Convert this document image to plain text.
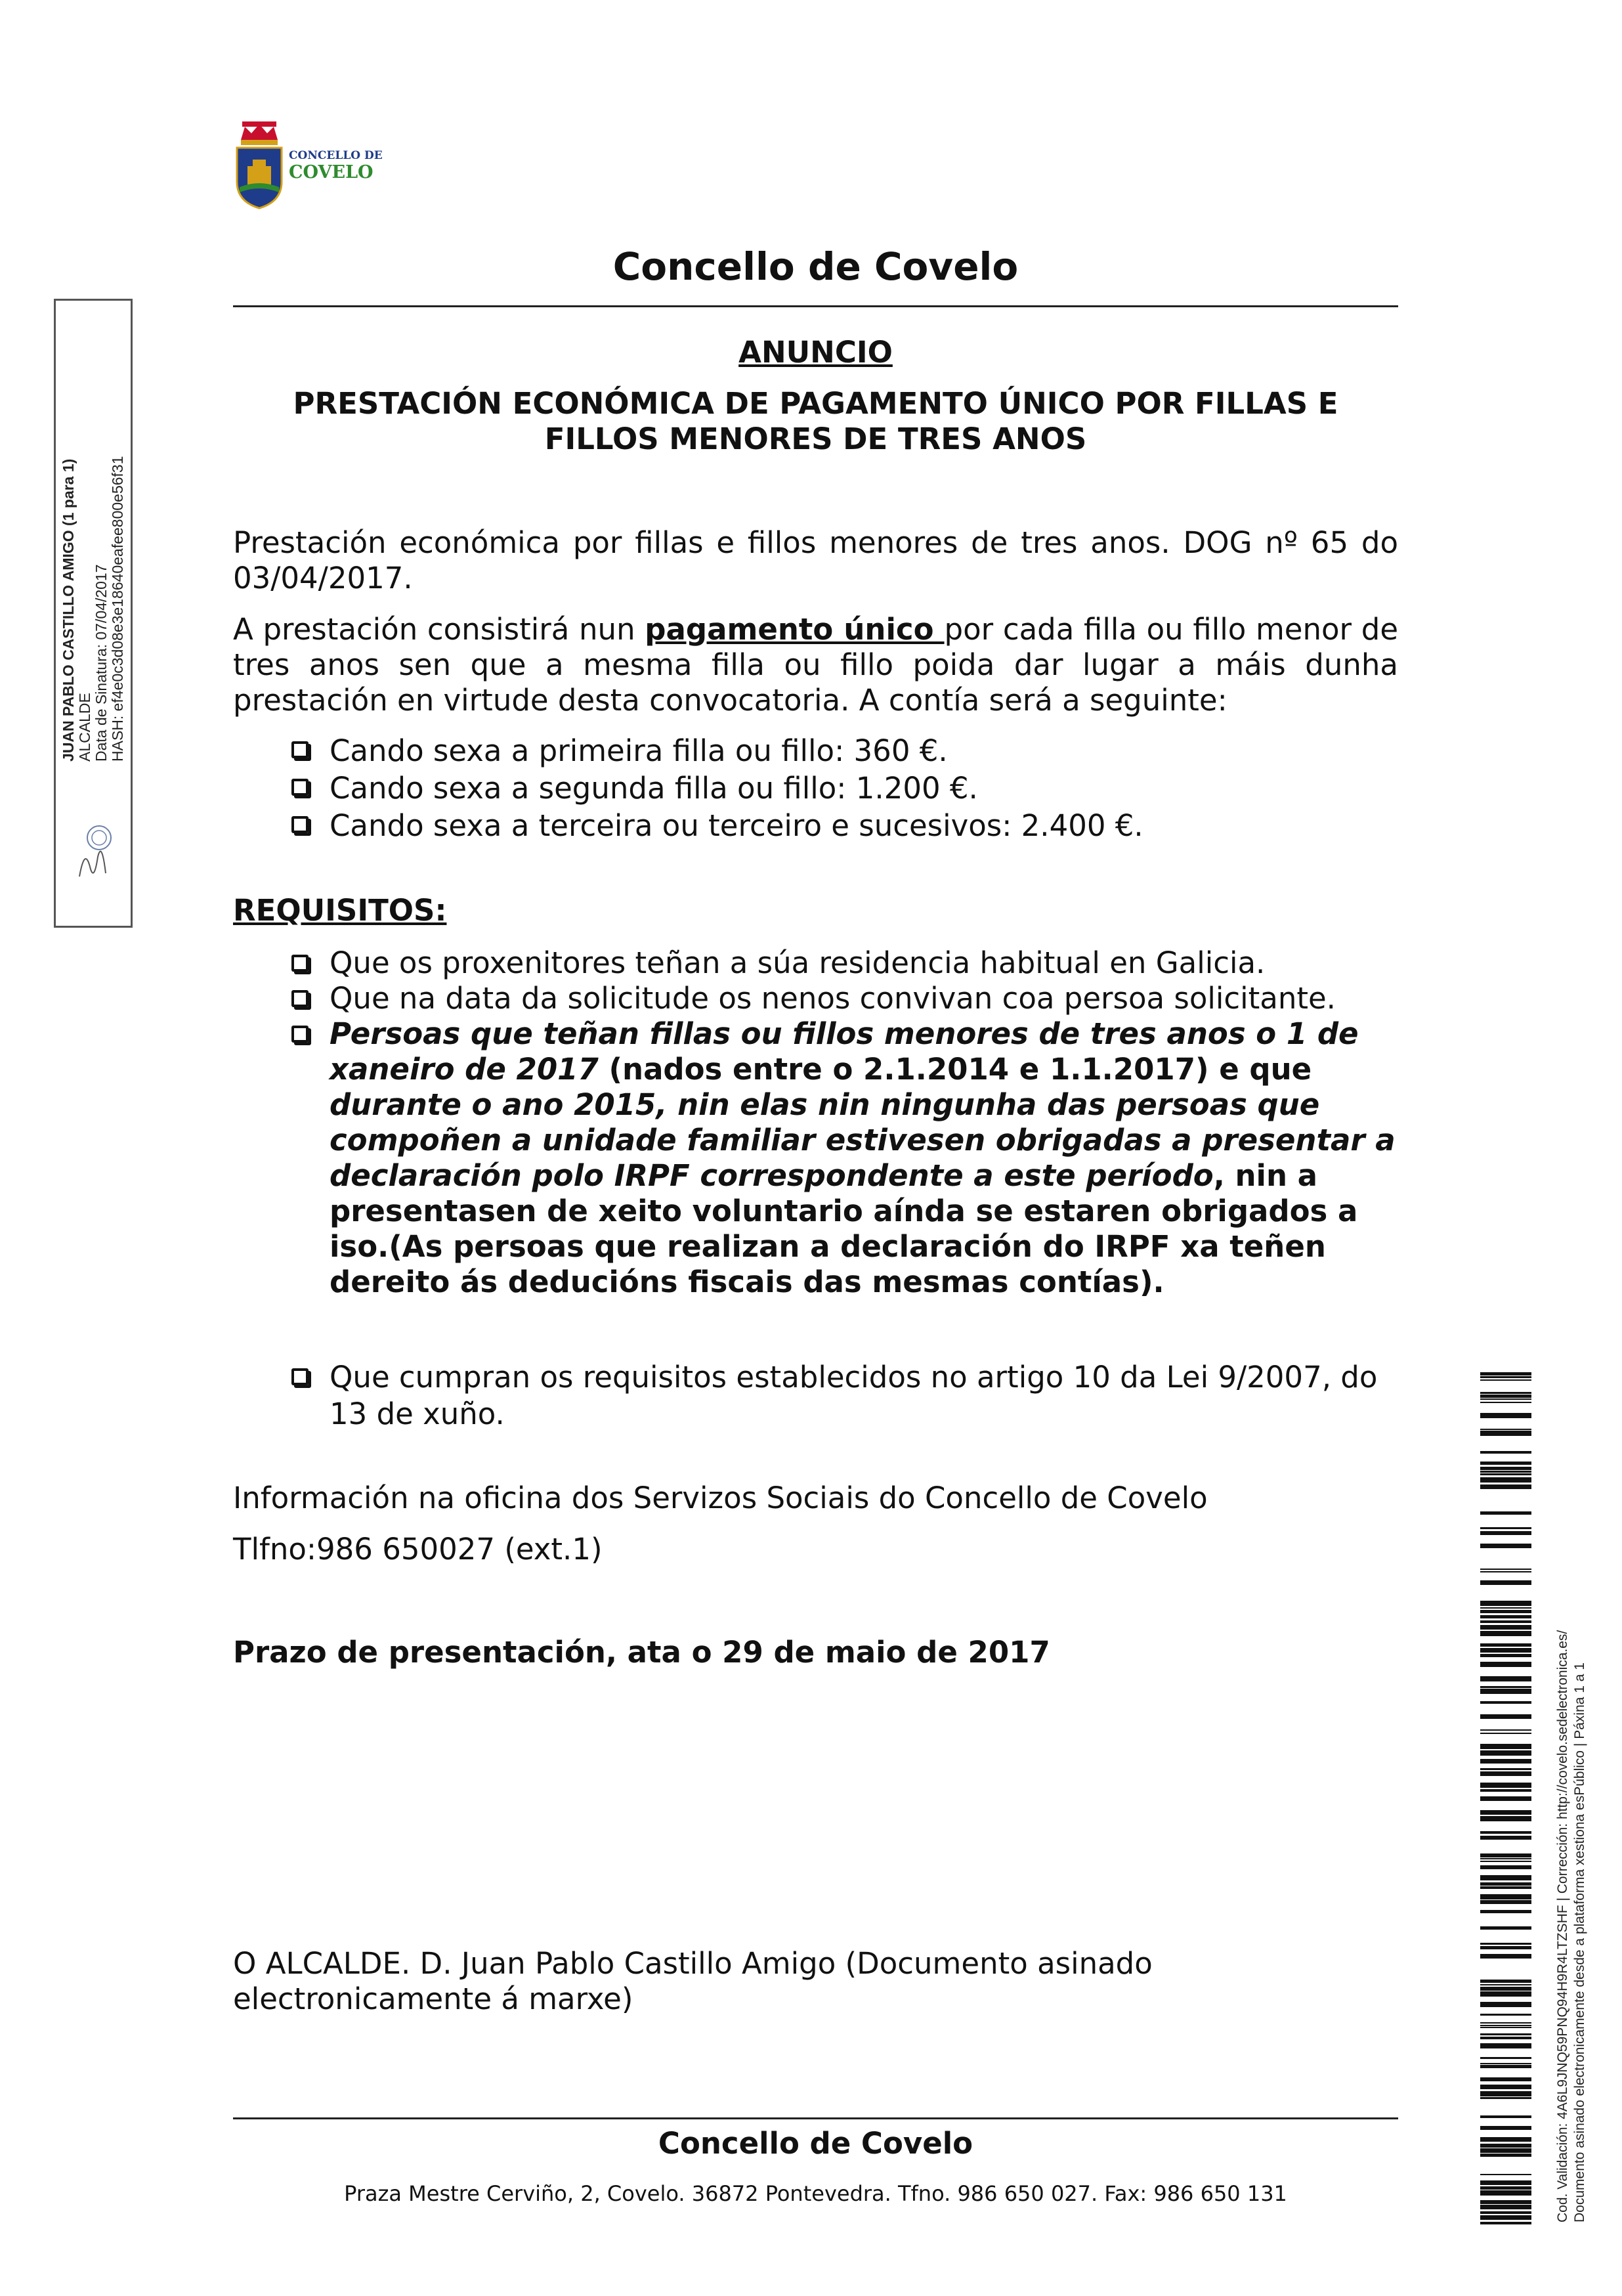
CONCELLO DE
COVELO
Concello de Covelo
ANUNCIO
PRESTACIÓN ECONÓMICA DE PAGAMENTO ÚNICO POR FILLAS E FILLOS MENORES DE TRES ANOS
Prestación económica por fillas e fillos menores de tres anos. DOG nº 65 do 03/04/2017.
A prestación consistirá nun pagamento único por cada filla ou fillo menor de tres anos sen que a mesma filla ou fillo poida dar lugar a máis dunha prestación en virtude desta convocatoria. A contía será a seguinte:
Cando sexa a primeira filla ou fillo: 360 €.
Cando sexa a segunda filla ou fillo: 1.200 €.
Cando sexa a terceira ou terceiro e sucesivos: 2.400 €.
REQUISITOS:
Que os proxenitores teñan a súa residencia habitual en Galicia.
Que na data da solicitude os nenos convivan coa persoa solicitante.
Persoas que teñan fillas ou fillos menores de tres anos o 1 de xaneiro de 2017 (nados entre o 2.1.2014 e 1.1.2017) e que durante o ano 2015, nin elas nin ningunha das persoas que compoñen a unidade familiar estivesen obrigadas a presentar a declaración polo IRPF correspondente a este período, nin a presentasen de xeito voluntario aínda se estaren obrigados a iso.(As persoas que realizan a declaración do IRPF xa teñen dereito ás deducións fiscais das mesmas contías).
Que cumpran os requisitos establecidos no artigo 10 da Lei 9/2007, do 13 de xuño.
Información na oficina dos Servizos Sociais do Concello de Covelo
Tlfno:986 650027 (ext.1)
Prazo de presentación, ata o 29 de maio de 2017
O ALCALDE. D. Juan Pablo Castillo Amigo (Documento asinado electronicamente á marxe)
Concello de Covelo
Praza Mestre Cerviño, 2, Covelo. 36872 Pontevedra. Tfno. 986 650 027. Fax: 986 650 131
JUAN PABLO CASTILLO AMIGO (1 para 1) ALCALDE Data de Sinatura: 07/04/2017 HASH: ef4e0c3d08e3e18640eafee800e56f31
Cod. Validación: 4A6L9JNQ59PNQ94H9R4LTZSHF | Corrección: http://covelo.sedelectronica.es/ Documento asinado electronicamente desde a plataforma xestiona esPúblico | Páxina 1 a 1
